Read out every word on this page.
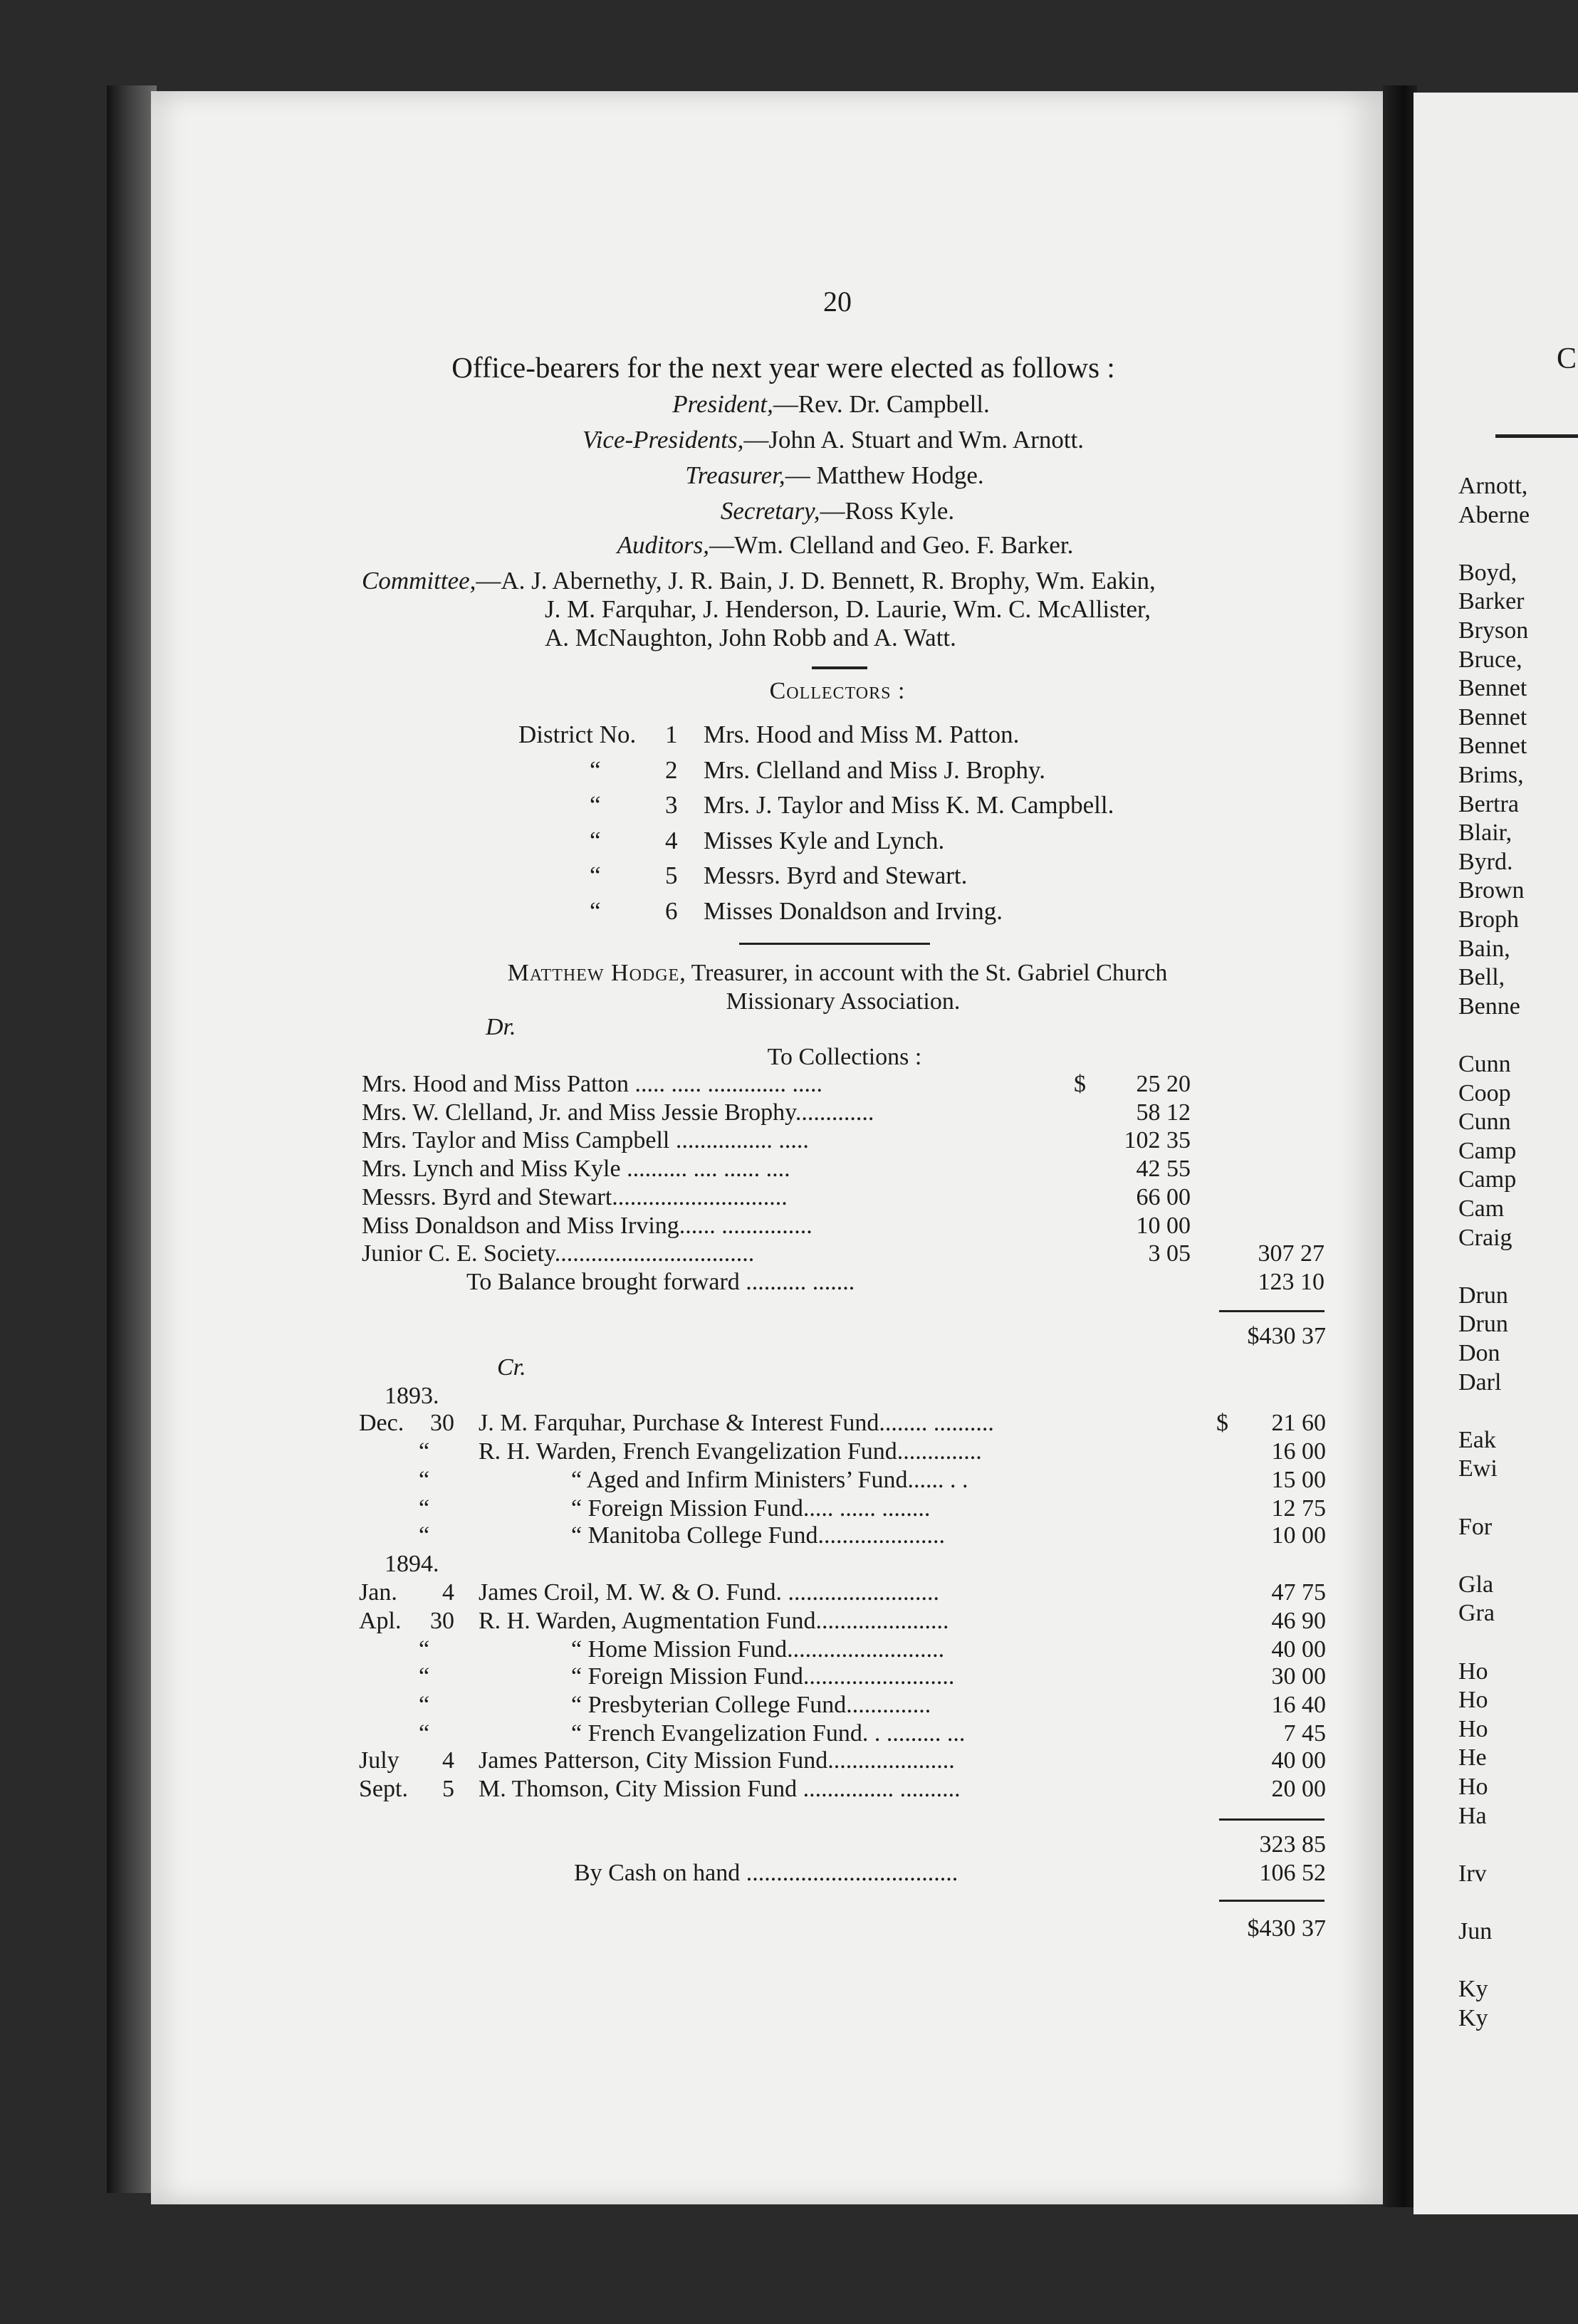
20
Office-bearers for the next year were elected as follows :
President,—Rev. Dr. Campbell.
Vice-Presidents,—John A. Stuart and Wm. Arnott.
Treasurer,— Matthew Hodge.
Secretary,—Ross Kyle.
Auditors,—Wm. Clelland and Geo. F. Barker.
Committee,—A. J. Abernethy, J. R. Bain, J. D. Bennett, R. Brophy, Wm. Eakin,
J. M. Farquhar, J. Henderson, D. Laurie, Wm. C. McAllister,
A. McNaughton, John Robb and A. Watt.
Collectors :
District No. 1 Mrs. Hood and Miss M. Patton.
“	2 Mrs. Clelland and Miss J. Brophy.
“	3 Mrs. J. Taylor and Miss K. M. Campbell.
“	4 Misses Kyle and Lynch.
“	5 Messrs. Byrd and Stewart.
“	6 Misses Donaldson and Irving.
Matthew Hodge, Treasurer, in account with the St. Gabriel Church
Missionary Association.
Dr.
To Collections :
Mrs. Hood and Miss Patton ..... ..... ............. .....	$	25 20
Mrs. W. Clelland, Jr. and Miss Jessie Brophy.............	58 12
Mrs. Taylor and Miss Campbell ................ .....	102 35
Mrs. Lynch and Miss Kyle .......... .... ...... ....	42 55
Messrs. Byrd and Stewart.............................	66 00
Miss Donaldson and Miss Irving...... ...............	10 00
Junior C. E. Society.................................	3 05	307 27
To Balance brought forward .......... .......	123 10
$430 37
Cr.
1893.
Dec.	30 J. M. Farquhar, Purchase & Interest Fund........ ..........	$	21 60
“ R. H. Warden, French Evangelization Fund..............	16 00
“	“ Aged and Infirm Ministers’ Fund...... . .	15 00
“	“ Foreign Mission Fund..... ...... ........	12 75
“	“ Manitoba College Fund.....................	10 00
1894.
Jan.	4 James Croil, M. W. & O. Fund. .........................	47 75
Apl.	30 R. H. Warden, Augmentation Fund......................	46 90
“	“ Home Mission Fund..........................	40 00
“	“ Foreign Mission Fund.........................	30 00
“	“ Presbyterian College Fund..............	16 40
“	“ French Evangelization Fund. . ......... ...	7 45
July	4 James Patterson, City Mission Fund.....................	40 00
Sept.	5 M. Thomson, City Mission Fund ............... ..........	20 00
323 85
By Cash on hand ...................................	106 52
$430 37
C
Arnott,
Aberne
Boyd,
Barker
Bryson
Bruce,
Bennet
Bennet
Bennet
Brims,
Bertra
Blair,
Byrd.
Brown
Broph
Bain,
Bell,
Benne
Cunn
Coop
Cunn
Camp
Camp
Cam
Craig
Drun
Drun
Don
Darl
Eak
Ewi
For
Gla
Gra
Ho
Ho
Ho
He
Ho
Ha
Irv
Jun
Ky
Ky
